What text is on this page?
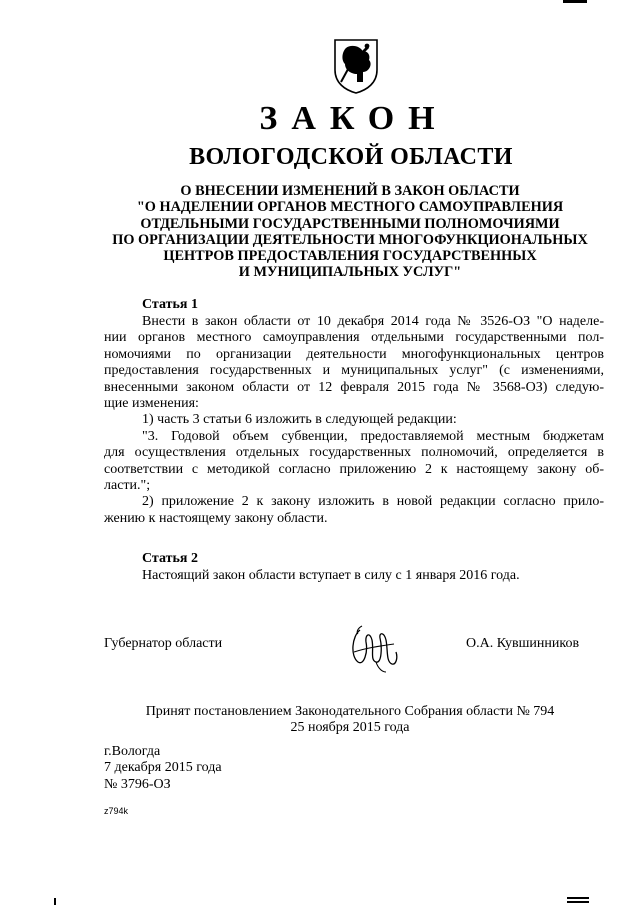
ЗАКОН
ВОЛОГОДСКОЙ ОБЛАСТИ
О ВНЕСЕНИИ ИЗМЕНЕНИЙ В ЗАКОН ОБЛАСТИ
"О НАДЕЛЕНИИ ОРГАНОВ МЕСТНОГО САМОУПРАВЛЕНИЯ
ОТДЕЛЬНЫМИ ГОСУДАРСТВЕННЫМИ ПОЛНОМОЧИЯМИ
ПО ОРГАНИЗАЦИИ ДЕЯТЕЛЬНОСТИ МНОГОФУНКЦИОНАЛЬНЫХ
ЦЕНТРОВ ПРЕДОСТАВЛЕНИЯ ГОСУДАРСТВЕННЫХ
И МУНИЦИПАЛЬНЫХ УСЛУГ"
Статья 1
Внести в закон области от 10 декабря 2014 года № 3526-ОЗ "О наделе-
нии органов местного самоуправления отдельными государственными пол-
номочиями по организации деятельности многофункциональных центров
предоставления государственных и муниципальных услуг" (с изменениями,
внесенными законом области от 12 февраля 2015 года № 3568-ОЗ) следую-
щие изменения:
1) часть 3 статьи 6 изложить в следующей редакции:
"3. Годовой объем субвенции, предоставляемой местным бюджетам
для осуществления отдельных государственных полномочий, определяется в
соответствии с методикой согласно приложению 2 к настоящему закону об-
ласти.";
2) приложение 2 к закону изложить в новой редакции согласно прило-
жению к настоящему закону области.
Статья 2
Настоящий закон области вступает в силу с 1 января 2016 года.
Губернатор области	О.А. Кувшинников
Принят постановлением Законодательного Собрания области № 794
25 ноября 2015 года
г.Вологда
7 декабря 2015 года
№ 3796-ОЗ
z794k
